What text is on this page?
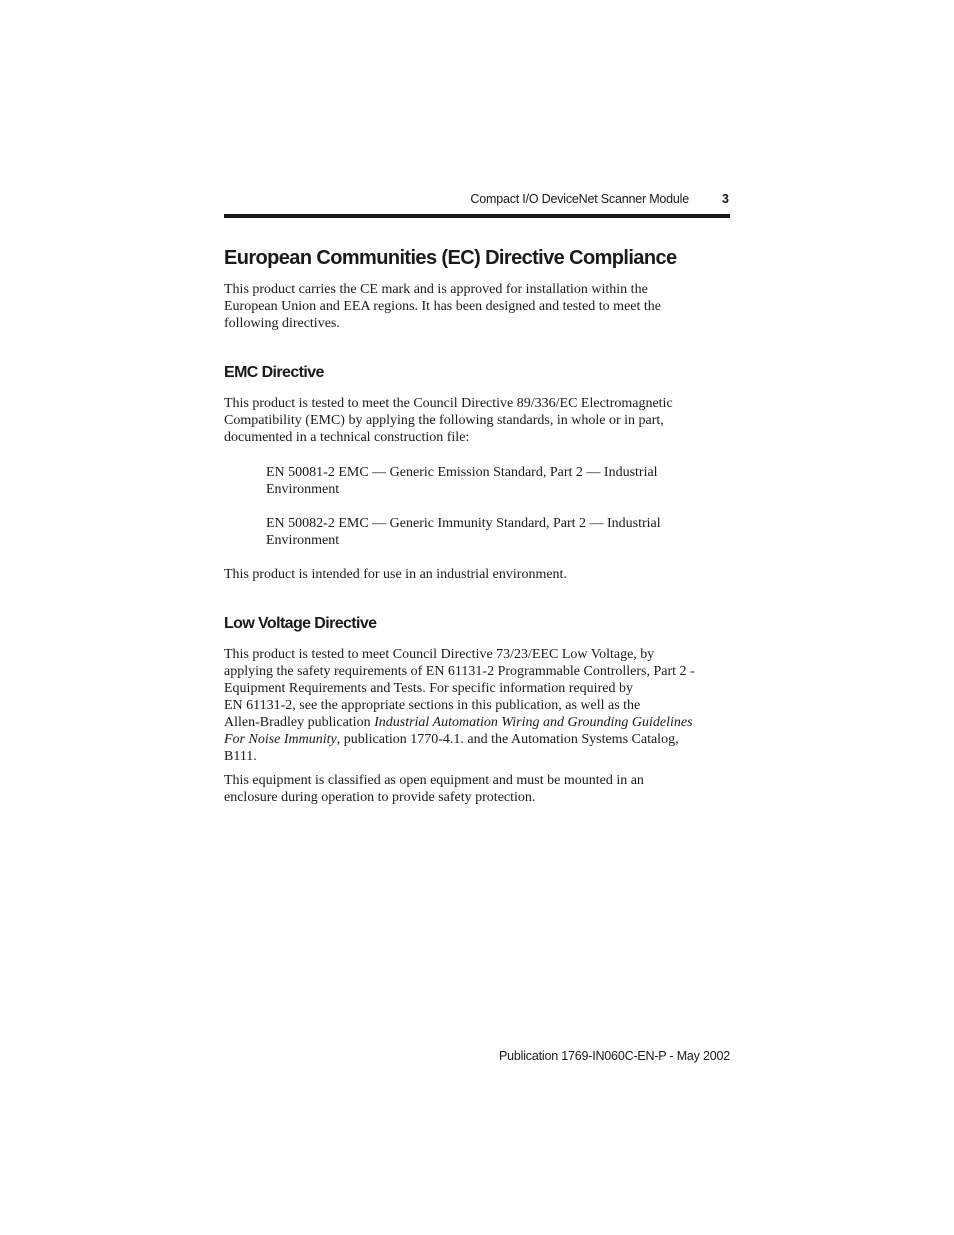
Compact I/O DeviceNet Scanner Module	3
European Communities (EC) Directive Compliance
This product carries the CE mark and is approved for installation within the
European Union and EEA regions. It has been designed and tested to meet the
following directives.
EMC Directive
This product is tested to meet the Council Directive 89/336/EC Electromagnetic
Compatibility (EMC) by applying the following standards, in whole or in part,
documented in a technical construction file:
EN 50081-2 EMC — Generic Emission Standard, Part 2 — Industrial
Environment
EN 50082-2 EMC — Generic Immunity Standard, Part 2 — Industrial
Environment
This product is intended for use in an industrial environment.
Low Voltage Directive
This product is tested to meet Council Directive 73/23/EEC Low Voltage, by
applying the safety requirements of EN 61131-2 Programmable Controllers, Part 2 -
Equipment Requirements and Tests. For specific information required by
EN 61131-2, see the appropriate sections in this publication, as well as the
Allen-Bradley publication Industrial Automation Wiring and Grounding Guidelines
For Noise Immunity, publication 1770-4.1. and the Automation Systems Catalog,
B111.
This equipment is classified as open equipment and must be mounted in an
enclosure during operation to provide safety protection.
Publication 1769-IN060C-EN-P - May 2002
